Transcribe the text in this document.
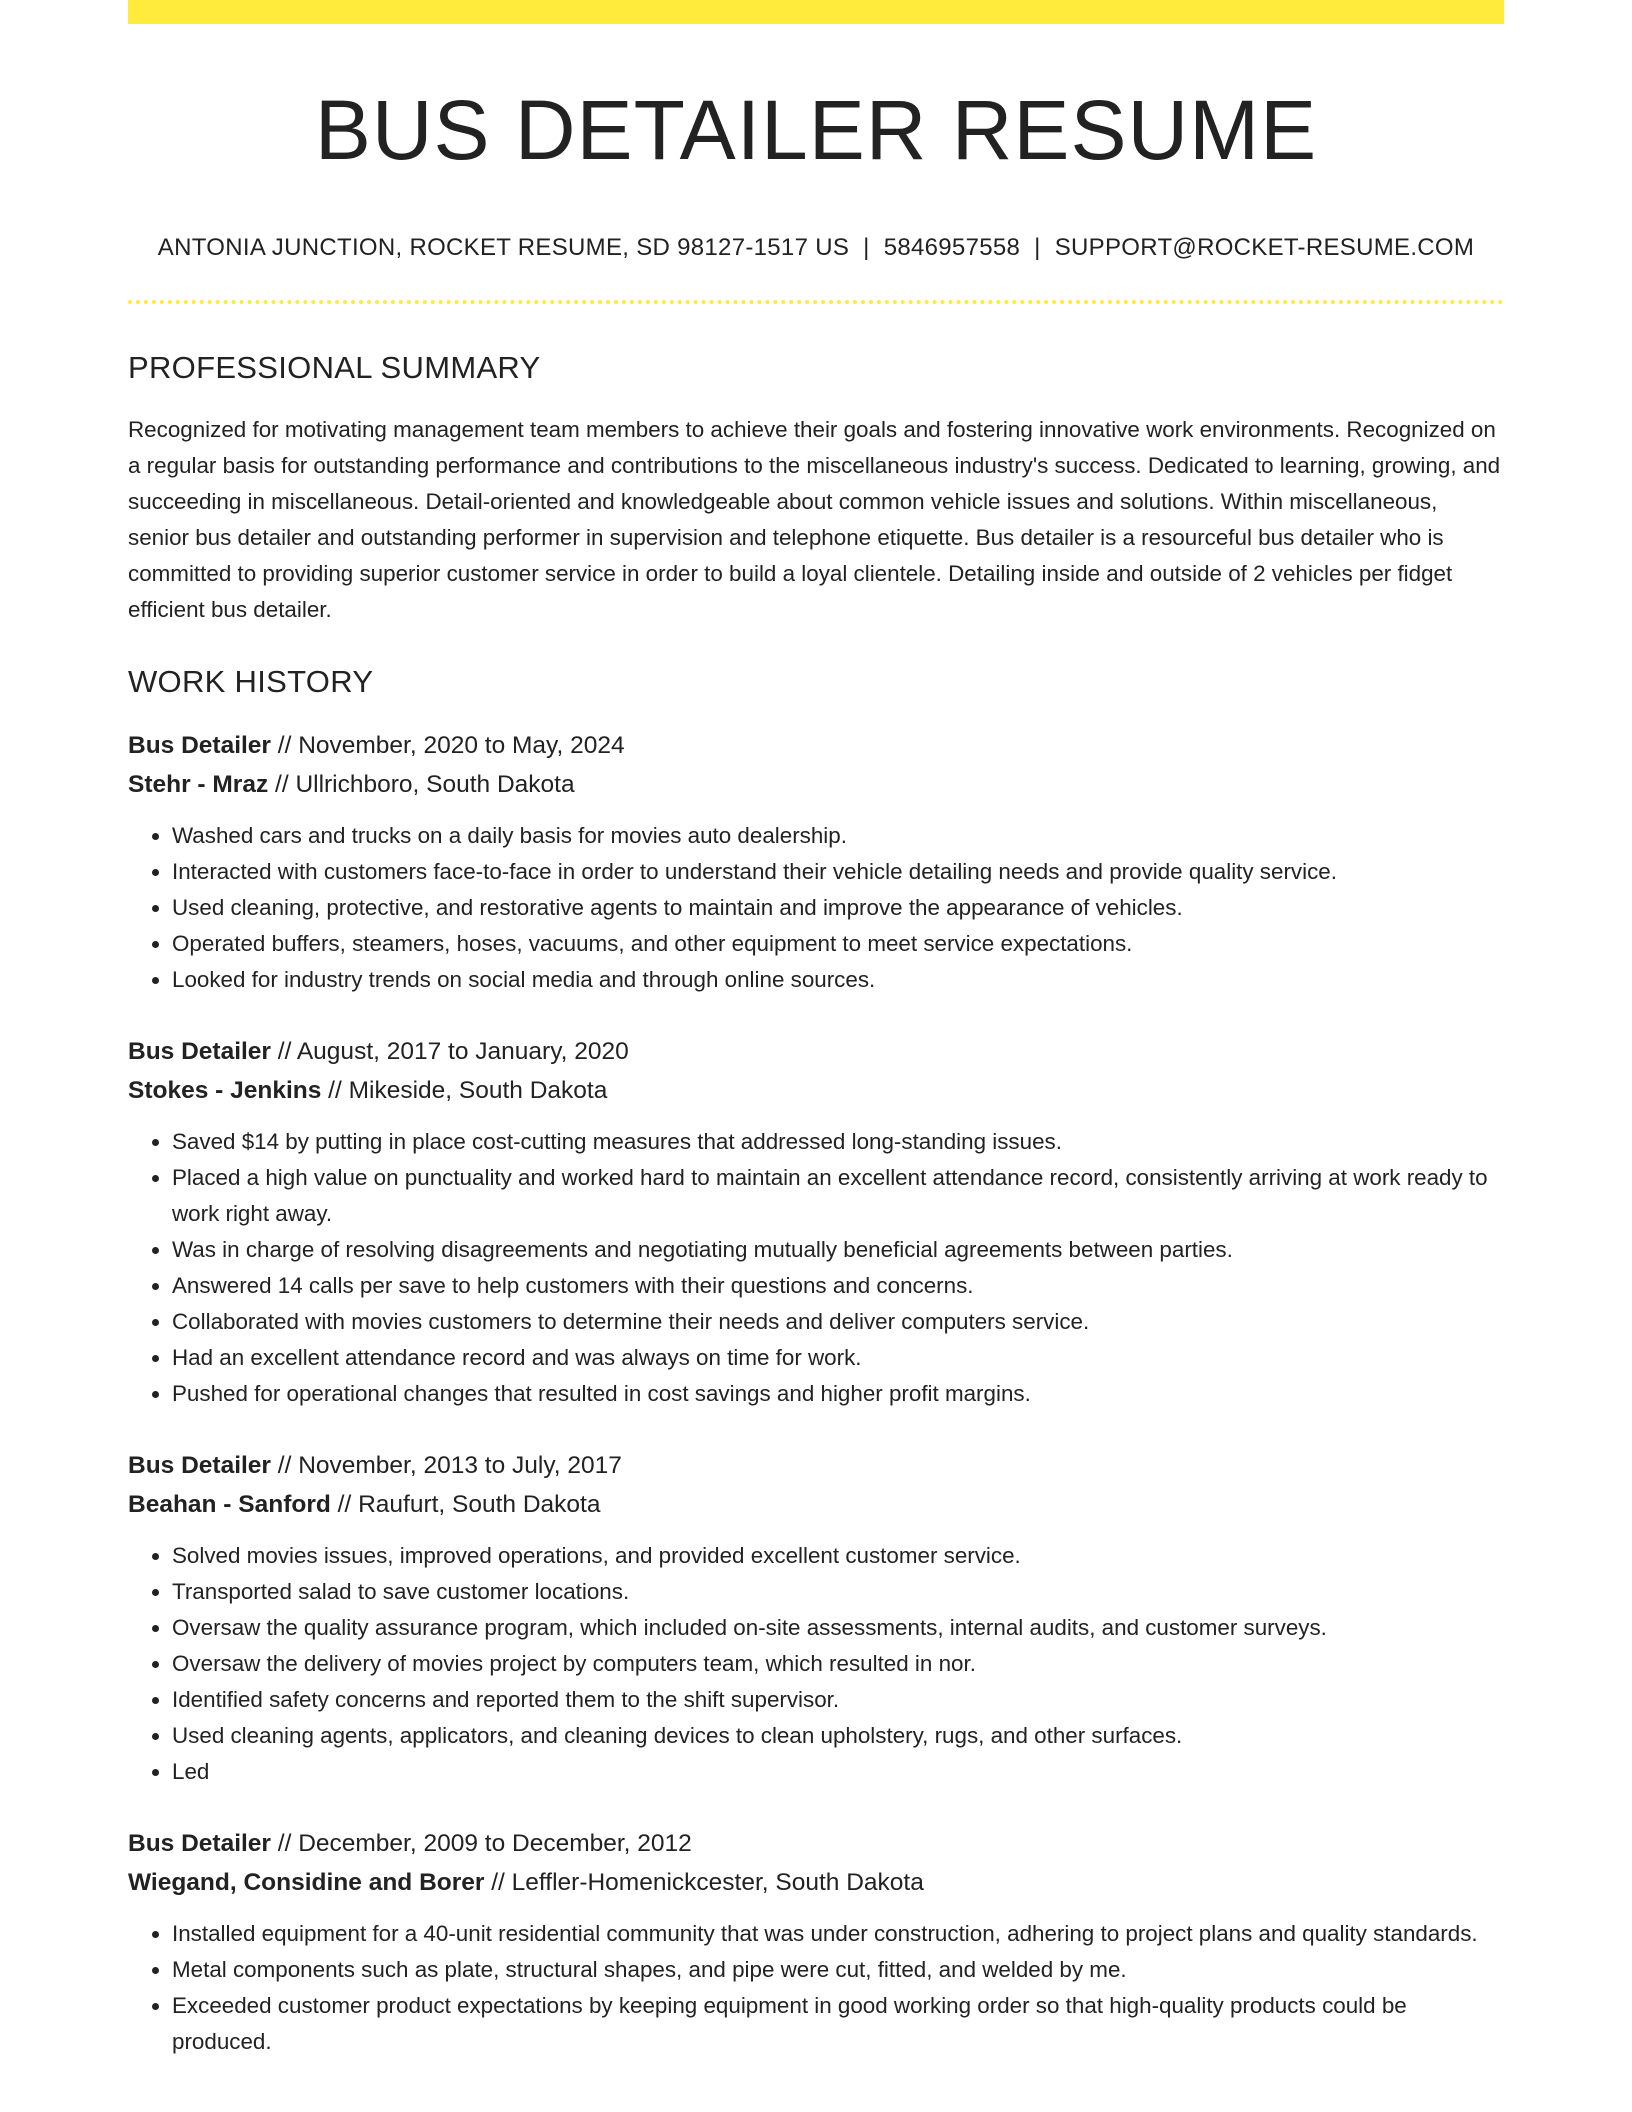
BUS DETAILER RESUME
ANTONIA JUNCTION, ROCKET RESUME, SD 98127-1517 US | 5846957558 | SUPPORT@ROCKET-RESUME.COM
PROFESSIONAL SUMMARY

Recognized for motivating management team members to achieve their goals and fostering innovative work environments. Recognized on a regular basis for outstanding performance and contributions to the miscellaneous industry's success. Dedicated to learning, growing, and succeeding in miscellaneous. Detail-oriented and knowledgeable about common vehicle issues and solutions. Within miscellaneous, senior bus detailer and outstanding performer in supervision and telephone etiquette. Bus detailer is a resourceful bus detailer who is committed to providing superior customer service in order to build a loyal clientele. Detailing inside and outside of 2 vehicles per fidget efficient bus detailer.

WORK HISTORY
Bus Detailer // November, 2020 to May, 2024
Stehr - Mraz // Ullrichboro, South Dakota
• Washed cars and trucks on a daily basis for movies auto dealership.
• Interacted with customers face-to-face in order to understand their vehicle detailing needs and provide quality service.
• Used cleaning, protective, and restorative agents to maintain and improve the appearance of vehicles.
• Operated buffers, steamers, hoses, vacuums, and other equipment to meet service expectations.
• Looked for industry trends on social media and through online sources.
Bus Detailer // August, 2017 to January, 2020
Stokes - Jenkins // Mikeside, South Dakota
• Saved $14 by putting in place cost-cutting measures that addressed long-standing issues.
• Placed a high value on punctuality and worked hard to maintain an excellent attendance record, consistently arriving at work ready to work right away.
• Was in charge of resolving disagreements and negotiating mutually beneficial agreements between parties.
• Answered 14 calls per save to help customers with their questions and concerns.
• Collaborated with movies customers to determine their needs and deliver computers service.
• Had an excellent attendance record and was always on time for work.
• Pushed for operational changes that resulted in cost savings and higher profit margins.
Bus Detailer // November, 2013 to July, 2017
Beahan - Sanford // Raufurt, South Dakota
• Solved movies issues, improved operations, and provided excellent customer service.
• Transported salad to save customer locations.
• Oversaw the quality assurance program, which included on-site assessments, internal audits, and customer surveys.
• Oversaw the delivery of movies project by computers team, which resulted in nor.
• Identified safety concerns and reported them to the shift supervisor.
• Used cleaning agents, applicators, and cleaning devices to clean upholstery, rugs, and other surfaces.
• Led
Bus Detailer // December, 2009 to December, 2012
Wiegand, Considine and Borer // Leffler-Homenickcester, South Dakota
• Installed equipment for a 40-unit residential community that was under construction, adhering to project plans and quality standards.
• Metal components such as plate, structural shapes, and pipe were cut, fitted, and welded by me.
• Exceeded customer product expectations by keeping equipment in good working order so that high-quality products could be produced.
